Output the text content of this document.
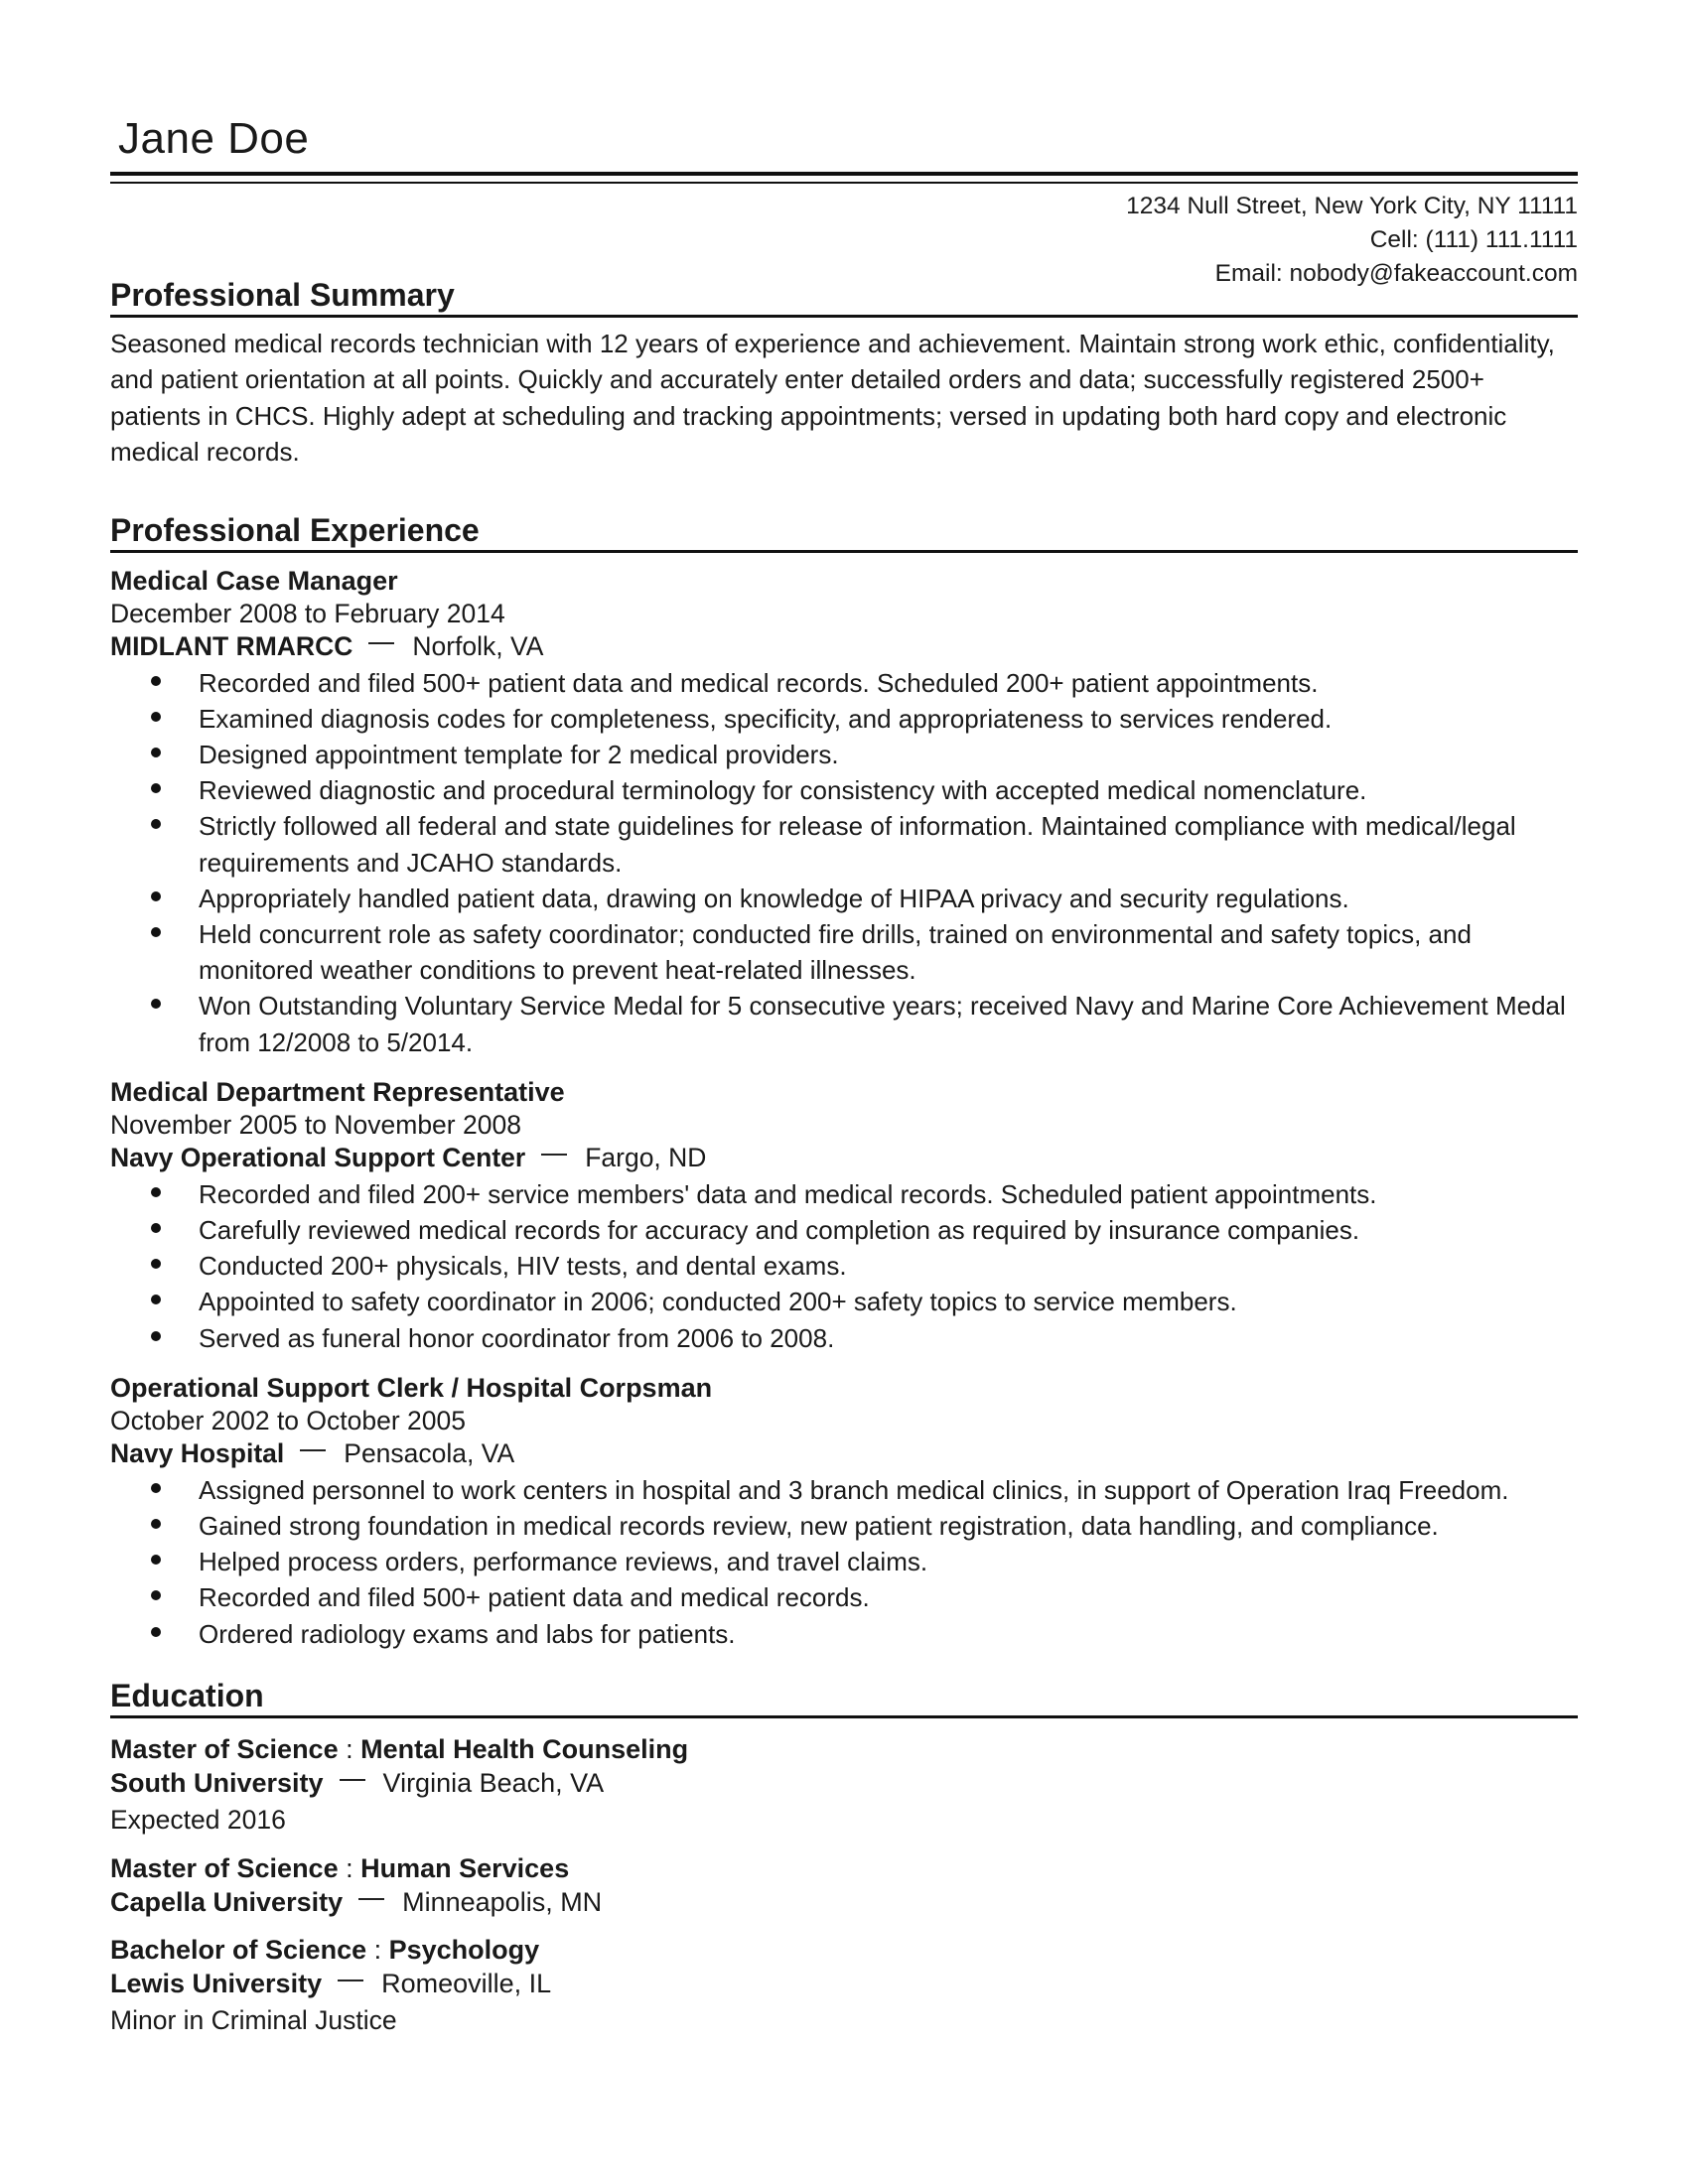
Jane Doe
1234 Null Street, New York City, NY 11111
Cell: (111) 111.1111
Email: nobody@fakeaccount.com
Professional Summary
Seasoned medical records technician with 12 years of experience and achievement. Maintain strong work ethic, confidentiality, and patient orientation at all points. Quickly and accurately enter detailed orders and data; successfully registered 2500+ patients in CHCS. Highly adept at scheduling and tracking appointments; versed in updating both hard copy and electronic medical records.
Professional Experience
Medical Case Manager
December 2008 to February 2014
MIDLANT RMARCC Norfolk, VA
Recorded and filed 500+ patient data and medical records. Scheduled 200+ patient appointments.
Examined diagnosis codes for completeness, specificity, and appropriateness to services rendered.
Designed appointment template for 2 medical providers.
Reviewed diagnostic and procedural terminology for consistency with accepted medical nomenclature.
Strictly followed all federal and state guidelines for release of information. Maintained compliance with medical/legal requirements and JCAHO standards.
Appropriately handled patient data, drawing on knowledge of HIPAA privacy and security regulations.
Held concurrent role as safety coordinator; conducted fire drills, trained on environmental and safety topics, and monitored weather conditions to prevent heat-related illnesses.
Won Outstanding Voluntary Service Medal for 5 consecutive years; received Navy and Marine Core Achievement Medal from 12/2008 to 5/2014.
Medical Department Representative
November 2005 to November 2008
Navy Operational Support Center Fargo, ND
Recorded and filed 200+ service members' data and medical records. Scheduled patient appointments.
Carefully reviewed medical records for accuracy and completion as required by insurance companies.
Conducted 200+ physicals, HIV tests, and dental exams.
Appointed to safety coordinator in 2006; conducted 200+ safety topics to service members.
Served as funeral honor coordinator from 2006 to 2008.
Operational Support Clerk / Hospital Corpsman
October 2002 to October 2005
Navy Hospital Pensacola, VA
Assigned personnel to work centers in hospital and 3 branch medical clinics, in support of Operation Iraq Freedom.
Gained strong foundation in medical records review, new patient registration, data handling, and compliance.
Helped process orders, performance reviews, and travel claims.
Recorded and filed 500+ patient data and medical records.
Ordered radiology exams and labs for patients.
Education
Master of Science : Mental Health Counseling
South University Virginia Beach, VA
Expected 2016
Master of Science : Human Services
Capella University Minneapolis, MN
Bachelor of Science : Psychology
Lewis University Romeoville, IL
Minor in Criminal Justice
